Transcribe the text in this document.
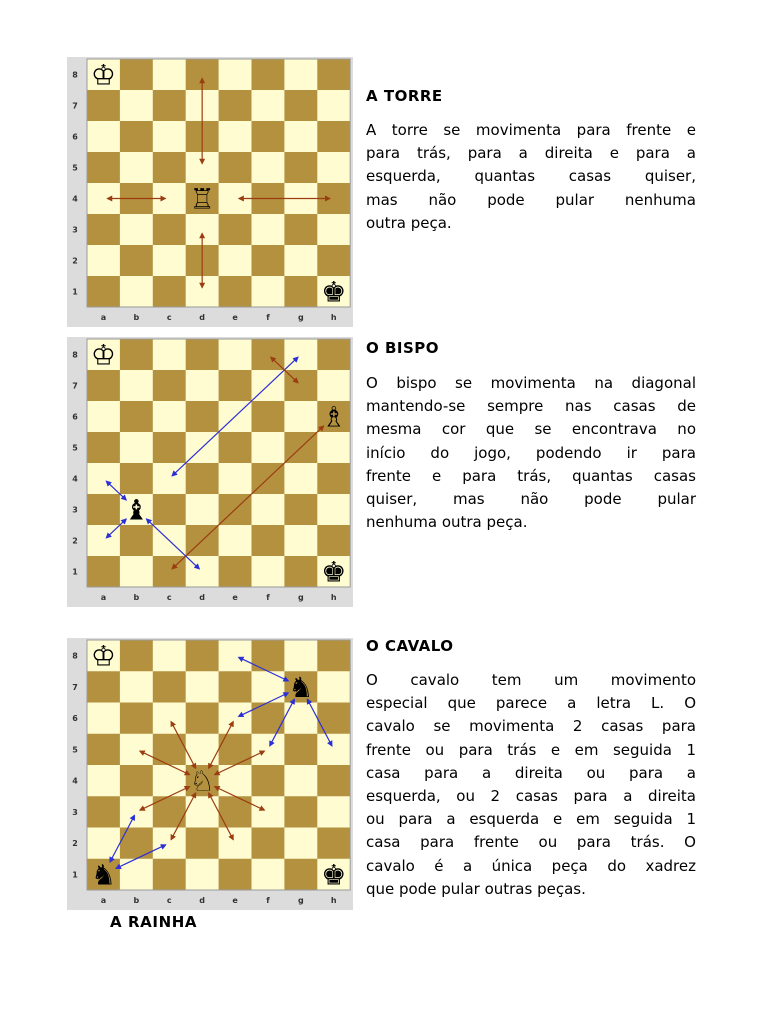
8
7
6
5
4
3
2
1
a	b	c	d	e	f	g	h
♔
♚
♖
A TORRE
A torre se movimenta para frente e
para trás, para a direita e para a
esquerda, quantas casas quiser,
mas não pode pular nenhuma
outra peça.
8
7
6
5
4
3
2
1
a	b	c	d	e	f	g	h
♔
♚
♝
♗
O BISPO
O bispo se movimenta na diagonal
mantendo-se sempre nas casas de
mesma cor que se encontrava no
início do jogo, podendo ir para
frente e para trás, quantas casas
quiser, mas não pode pular
nenhuma outra peça.
8
7
6
5
4
3
2
1
a	b	c	d	e	f	g	h
♔
♚
♞
♞
♘
O CAVALO
O cavalo tem um movimento
especial que parece a letra L. O
cavalo se movimenta 2 casas para
frente ou para trás e em seguida 1
casa para a direita ou para a
esquerda, ou 2 casas para a direita
ou para a esquerda e em seguida 1
casa para frente ou para trás. O
cavalo é a única peça do xadrez
que pode pular outras peças.
A RAINHA
